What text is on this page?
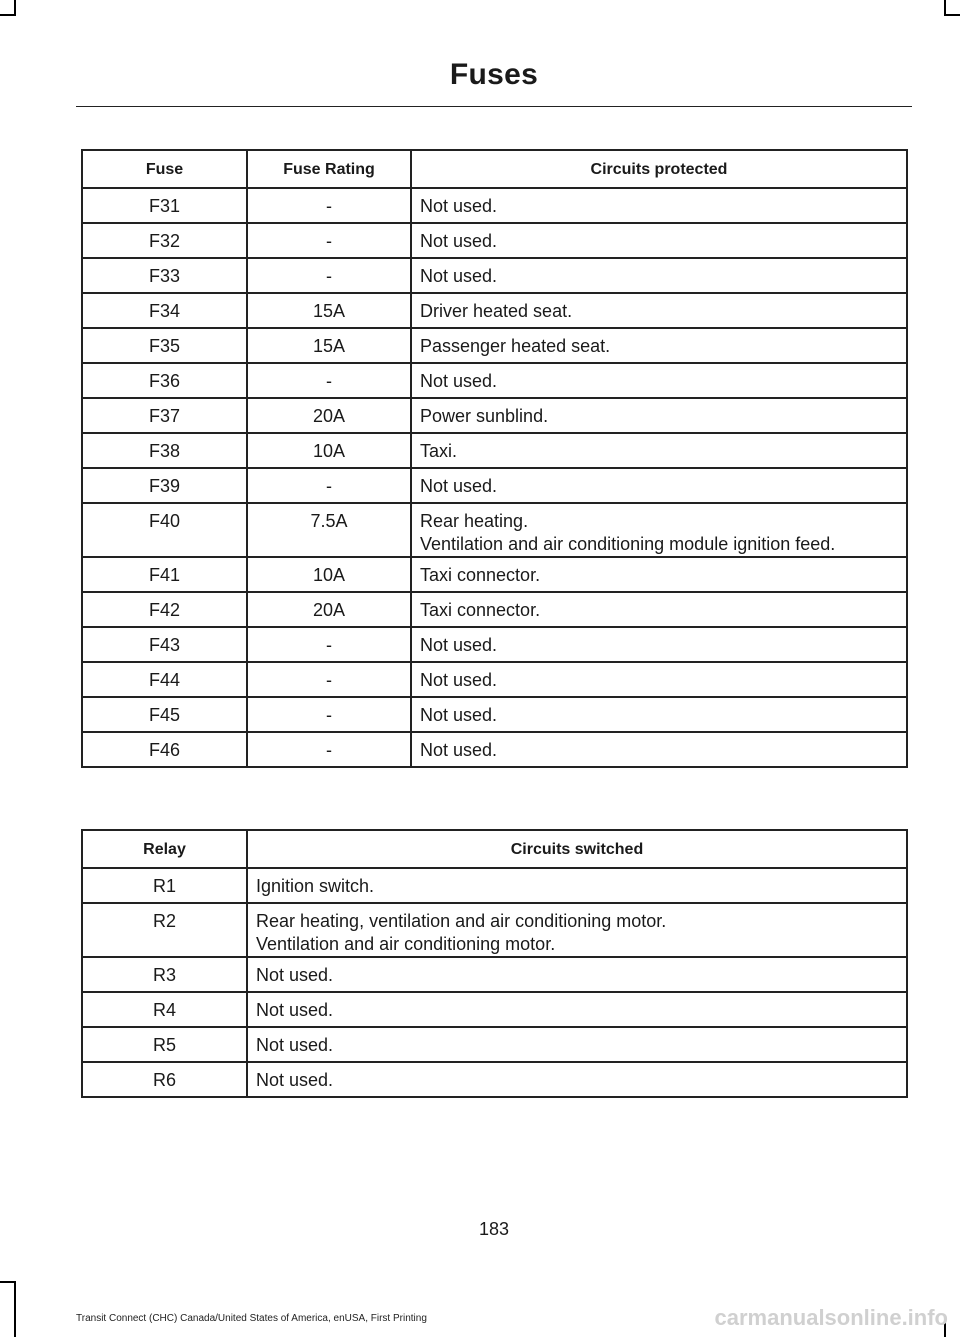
Fuses
Fuse	Fuse Rating	Circuits protected
F31	-	Not used.

F32	-	Not used.

F33	-	Not used.

F34	15A	Driver heated seat.

F35	15A	Passenger heated seat.

F36	-	Not used.

F37	20A	Power sunblind.

F38	10A	Taxi.

F39	-	Not used.

F40	7.5A	Rear heating.
Ventilation and air conditioning module ignition feed.

F41	10A	Taxi connector.

F42	20A	Taxi connector.

F43	-	Not used.

F44	-	Not used.

F45	-	Not used.

F46	-	Not used.
Relay	Circuits switched
R1	Ignition switch.

R2	Rear heating, ventilation and air conditioning motor.
Ventilation and air conditioning motor.

R3	Not used.

R4	Not used.

R5	Not used.

R6	Not used.
183
Transit Connect (CHC) Canada/United States of America, enUSA, First Printing	carmanualsonline.info
